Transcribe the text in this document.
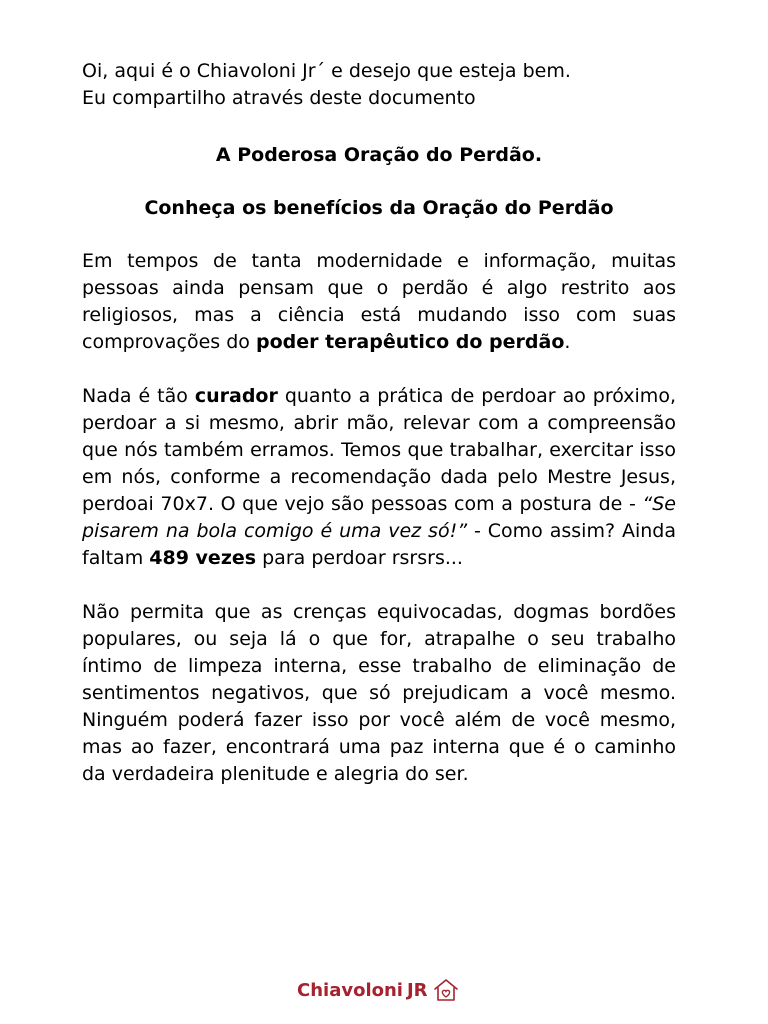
Oi, aqui é o Chiavoloni Jr´ e desejo que esteja bem.

Eu compartilho através deste documento

A Poderosa Oração do Perdão.

Conheça os benefícios da Oração do Perdão

Em tempos de tanta modernidade e informação, muitas pessoas ainda pensam que o perdão é algo restrito aos religiosos, mas a ciência está mudando isso com suas comprovações do poder terapêutico do perdão.

Nada é tão curador quanto a prática de perdoar ao próximo, perdoar a si mesmo, abrir mão, relevar com a compreensão que nós também erramos. Temos que trabalhar, exercitar isso em nós, conforme a recomendação dada pelo Mestre Jesus, perdoai 70x7. O que vejo são pessoas com a postura de - “Se pisarem na bola comigo é uma vez só!” - Como assim? Ainda faltam 489 vezes para perdoar rsrsrs...

Não permita que as crenças equivocadas, dogmas bordões populares, ou seja lá o que for, atrapalhe o seu trabalho íntimo de limpeza interna, esse trabalho de eliminação de sentimentos negativos, que só prejudicam a você mesmo. Ninguém poderá fazer isso por você além de você mesmo, mas ao fazer, encontrará uma paz interna que é o caminho da verdadeira plenitude e alegria do ser.

Chiavoloni JR
